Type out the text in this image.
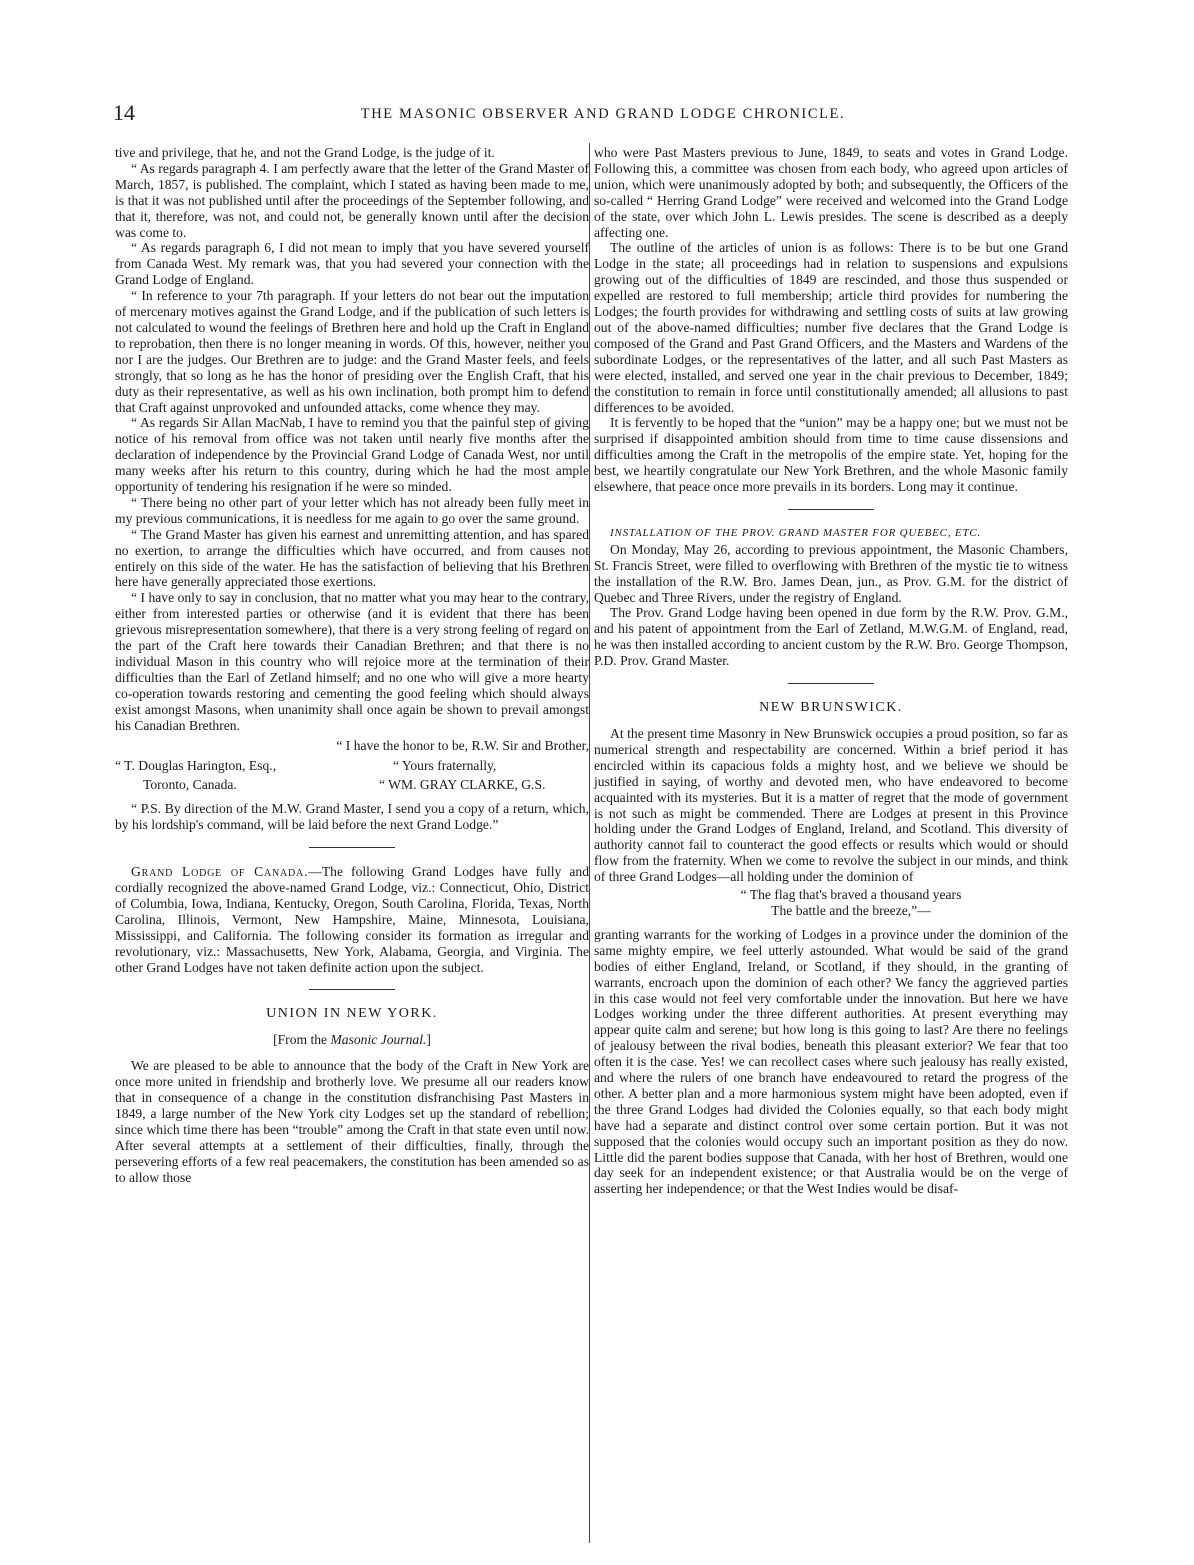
14	THE MASONIC OBSERVER AND GRAND LODGE CHRONICLE.

tive and privilege, that he, and not the Grand Lodge, is the judge of it.

“ As regards paragraph 4. I am perfectly aware that the letter of the Grand Master of March, 1857, is published. The complaint, which I stated as having been made to me, is that it was not published until after the proceedings of the September following, and that it, therefore, was not, and could not, be generally known until after the decision was come to.

“ As regards paragraph 6, I did not mean to imply that you have severed yourself from Canada West. My remark was, that you had severed your connection with the Grand Lodge of England.

“ In reference to your 7th paragraph. If your letters do not bear out the imputation of mercenary motives against the Grand Lodge, and if the publication of such letters is not calculated to wound the feelings of Brethren here and hold up the Craft in England to reprobation, then there is no longer meaning in words. Of this, however, neither you nor I are the judges. Our Brethren are to judge: and the Grand Master feels, and feels strongly, that so long as he has the honor of presiding over the English Craft, that his duty as their representative, as well as his own inclination, both prompt him to defend that Craft against unprovoked and unfounded attacks, come whence they may.

“ As regards Sir Allan MacNab, I have to remind you that the painful step of giving notice of his removal from office was not taken until nearly five months after the declaration of independence by the Provincial Grand Lodge of Canada West, nor until many weeks after his return to this country, during which he had the most ample opportunity of tendering his resignation if he were so minded.

“ There being no other part of your letter which has not already been fully meet in my previous communications, it is needless for me again to go over the same ground.

“ The Grand Master has given his earnest and unremitting attention, and has spared no exertion, to arrange the difficulties which have occurred, and from causes not entirely on this side of the water. He has the satisfaction of believing that his Brethren here have generally appreciated those exertions.

“ I have only to say in conclusion, that no matter what you may hear to the contrary, either from interested parties or otherwise (and it is evident that there has been grievous misrepresentation somewhere), that there is a very strong feeling of regard on the part of the Craft here towards their Canadian Brethren; and that there is no individual Mason in this country who will rejoice more at the termination of their difficulties than the Earl of Zetland himself; and no one who will give a more hearty co-operation towards restoring and cementing the good feeling which should always exist amongst Masons, when unanimity shall once again be shown to prevail amongst his Canadian Brethren.

“ I have the honor to be, R.W. Sir and Brother,
“ T. Douglas Harington, Esq.,	“ Yours fraternally,
Toronto, Canada.	“ WM. GRAY CLARKE, G.S.

“ P.S. By direction of the M.W. Grand Master, I send you a copy of a return, which, by his lordship's command, will be laid before the next Grand Lodge.”

Grand Lodge of Canada.—The following Grand Lodges have fully and cordially recognized the above-named Grand Lodge, viz.: Connecticut, Ohio, District of Columbia, Iowa, Indiana, Kentucky, Oregon, South Carolina, Florida, Texas, North Carolina, Illinois, Vermont, New Hampshire, Maine, Minnesota, Louisiana, Mississippi, and California. The following consider its formation as irregular and revolutionary, viz.: Massachusetts, New York, Alabama, Georgia, and Virginia. The other Grand Lodges have not taken definite action upon the subject.

UNION IN NEW YORK.
[From the Masonic Journal.]

We are pleased to be able to announce that the body of the Craft in New York are once more united in friendship and brotherly love. We presume all our readers know that in consequence of a change in the constitution disfranchising Past Masters in 1849, a large number of the New York city Lodges set up the standard of rebellion; since which time there has been “trouble” among the Craft in that state even until now. After several attempts at a settlement of their difficulties, finally, through the persevering efforts of a few real peacemakers, the constitution has been amended so as to allow those

who were Past Masters previous to June, 1849, to seats and votes in Grand Lodge. Following this, a committee was chosen from each body, who agreed upon articles of union, which were unanimously adopted by both; and subsequently, the Officers of the so-called “ Herring Grand Lodge” were received and welcomed into the Grand Lodge of the state, over which John L. Lewis presides. The scene is described as a deeply affecting one.

The outline of the articles of union is as follows: There is to be but one Grand Lodge in the state; all proceedings had in relation to suspensions and expulsions growing out of the difficulties of 1849 are rescinded, and those thus suspended or expelled are restored to full membership; article third provides for numbering the Lodges; the fourth provides for withdrawing and settling costs of suits at law growing out of the above-named difficulties; number five declares that the Grand Lodge is composed of the Grand and Past Grand Officers, and the Masters and Wardens of the subordinate Lodges, or the representatives of the latter, and all such Past Masters as were elected, installed, and served one year in the chair previous to December, 1849; the constitution to remain in force until constitutionally amended; all allusions to past differences to be avoided.

It is fervently to be hoped that the “union” may be a happy one; but we must not be surprised if disappointed ambition should from time to time cause dissensions and difficulties among the Craft in the metropolis of the empire state. Yet, hoping for the best, we heartily congratulate our New York Brethren, and the whole Masonic family elsewhere, that peace once more prevails in its borders. Long may it continue.

INSTALLATION OF THE PROV. GRAND MASTER FOR QUEBEC, ETC.

On Monday, May 26, according to previous appointment, the Masonic Chambers, St. Francis Street, were filled to overflowing with Brethren of the mystic tie to witness the installation of the R.W. Bro. James Dean, jun., as Prov. G.M. for the district of Quebec and Three Rivers, under the registry of England.

The Prov. Grand Lodge having been opened in due form by the R.W. Prov. G.M., and his patent of appointment from the Earl of Zetland, M.W.G.M. of England, read, he was then installed according to ancient custom by the R.W. Bro. George Thompson, P.D. Prov. Grand Master.

NEW BRUNSWICK.

At the present time Masonry in New Brunswick occupies a proud position, so far as numerical strength and respectability are concerned. Within a brief period it has encircled within its capacious folds a mighty host, and we believe we should be justified in saying, of worthy and devoted men, who have endeavored to become acquainted with its mysteries. But it is a matter of regret that the mode of government is not such as might be commended. There are Lodges at present in this Province holding under the Grand Lodges of England, Ireland, and Scotland. This diversity of authority cannot fail to counteract the good effects or results which would or should flow from the fraternity. When we come to revolve the subject in our minds, and think of three Grand Lodges—all holding under the dominion of

“ The flag that's braved a thousand years
The battle and the breeze,”—

granting warrants for the working of Lodges in a province under the dominion of the same mighty empire, we feel utterly astounded. What would be said of the grand bodies of either England, Ireland, or Scotland, if they should, in the granting of warrants, encroach upon the dominion of each other? We fancy the aggrieved parties in this case would not feel very comfortable under the innovation. But here we have Lodges working under the three different authorities. At present everything may appear quite calm and serene; but how long is this going to last? Are there no feelings of jealousy between the rival bodies, beneath this pleasant exterior? We fear that too often it is the case. Yes! we can recollect cases where such jealousy has really existed, and where the rulers of one branch have endeavoured to retard the progress of the other. A better plan and a more harmonious system might have been adopted, even if the three Grand Lodges had divided the Colonies equally, so that each body might have had a separate and distinct control over some certain portion. But it was not supposed that the colonies would occupy such an important position as they do now. Little did the parent bodies suppose that Canada, with her host of Brethren, would one day seek for an independent existence; or that Australia would be on the verge of asserting her independence; or that the West Indies would be disaf-
